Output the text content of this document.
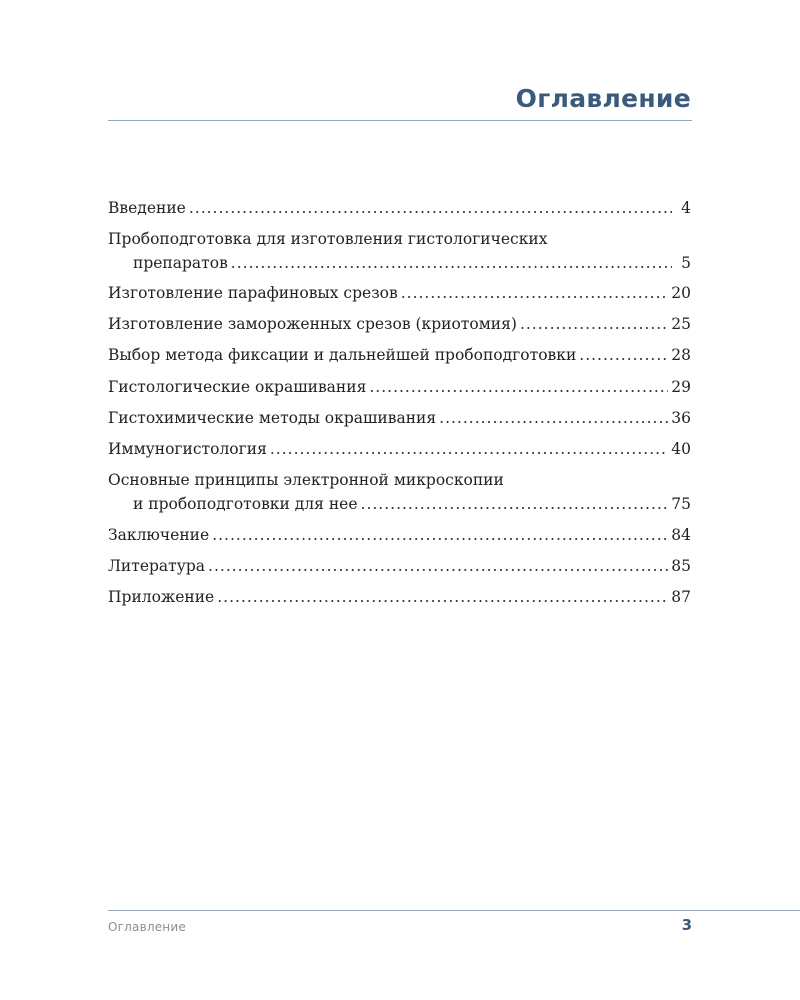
Оглавление
Введение .....	4
Пробоподготовка для изготовления гистологических
препаратов .....	5
Изготовление парафиновых срезов .....	20
Изготовление замороженных срезов (криотомия) .....	25
Выбор метода фиксации и дальнейшей пробоподготовки .....	28
Гистологические окрашивания .....	29
Гистохимические методы окрашивания .....	36
Иммуногистология .....	40
Основные принципы электронной микроскопии
и пробоподготовки для нее .....	75
Заключение .....	84
Литература .....	85
Приложение .....	87
Оглавление	3
